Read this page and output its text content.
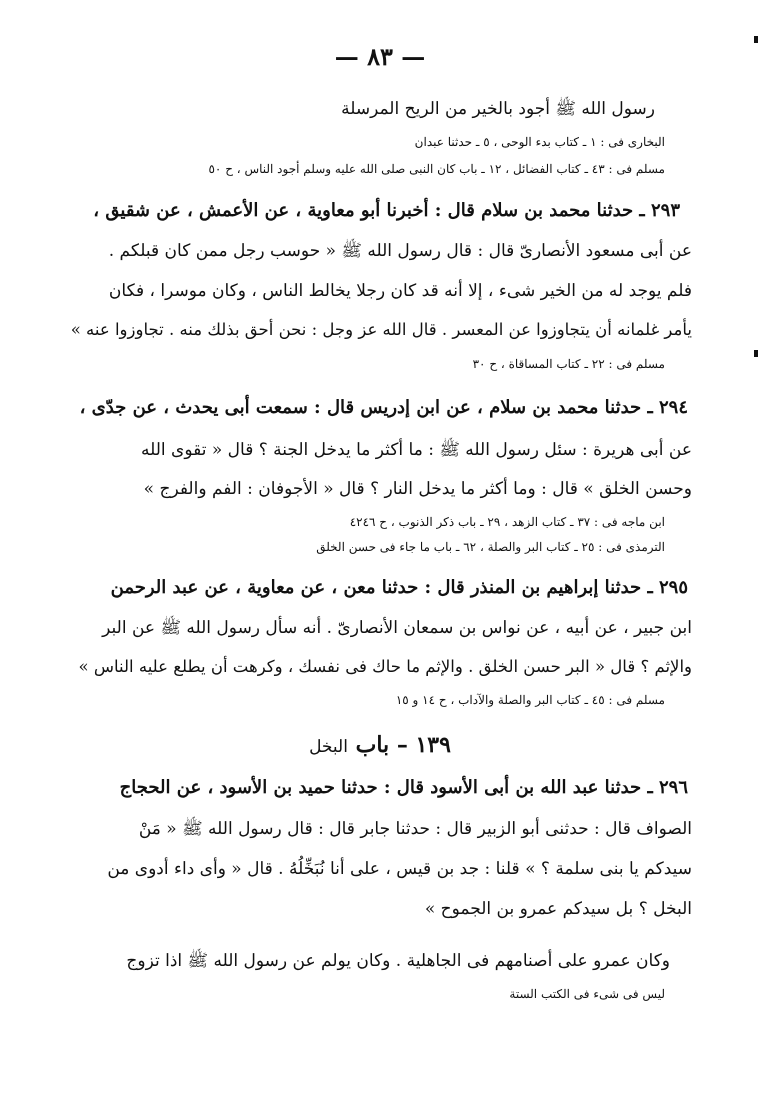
— ٨٣ —
رسول الله ﷺ أجود بالخير من الريح المرسلة
البخارى فى : ١ ـ كتاب بدء الوحى ، ٥ ـ حدثنا عبدان
مسلم فى : ٤٣ ـ كتاب الفضائل ، ١٢ ـ باب كان النبى صلى الله عليه وسلم أجود الناس ، ح ٥٠
٢٩٣ ـ حدثنا محمد بن سلام قال : أخبرنا أبو معاوية ، عن الأعمش ، عن شقيق ،
عن أبى مسعود الأنصارىّ قال : قال رسول الله ﷺ « حوسب رجل ممن كان قبلكم .
فلم يوجد له من الخير شىء ، إلا أنه قد كان رجلا يخالط الناس ، وكان موسرا ، فكان
يأمر غلمانه أن يتجاوزوا عن المعسر . قال الله عز وجل : نحن أحق بذلك منه . تجاوزوا عنه »
مسلم فى : ٢٢ ـ كتاب المساقاة ، ح ٣٠
٢٩٤ ـ حدثنا محمد بن سلام ، عن ابن إدريس قال : سمعت أبى يحدث ، عن جدّى ،
عن أبى هريرة : سئل رسول الله ﷺ : ما أكثر ما يدخل الجنة ؟ قال « تقوى الله
وحسن الخلق » قال : وما أكثر ما يدخل النار ؟ قال « الأجوفان : الفم والفرج »
ابن ماجه فى : ٣٧ ـ كتاب الزهد ، ٢٩ ـ باب ذكر الذنوب ، ح ٤٢٤٦
الترمذى فى : ٢٥ ـ كتاب البر والصلة ، ٦٢ ـ باب ما جاء فى حسن الخلق
٢٩٥ ـ حدثنا إبراهيم بن المنذر قال : حدثنا معن ، عن معاوية ، عن عبد الرحمن
ابن جبير ، عن أبيه ، عن نواس بن سمعان الأنصارىّ . أنه سأل رسول الله ﷺ عن البر
والإثم ؟ قال « البر حسن الخلق . والإثم ما حاك فى نفسك ، وكرهت أن يطلع عليه الناس »
مسلم فى : ٤٥ ـ كتاب البر والصلة والآداب ، ح ١٤ و ١٥
١٣٩ – باب البخل
٢٩٦ ـ حدثنا عبد الله بن أبى الأسود قال : حدثنا حميد بن الأسود ، عن الحجاج
الصواف قال : حدثنى أبو الزبير قال : حدثنا جابر قال : قال رسول الله ﷺ « مَنْ
سيدكم يا بنى سلمة ؟ » قلنا : جد بن قيس ، على أنا نُبَخِّلُهُ . قال « وأى داء أدوى من
البخل ؟ بل سيدكم عمرو بن الجموح »
وكان عمرو على أصنامهم فى الجاهلية . وكان يولم عن رسول الله ﷺ اذا تزوج
ليس فى شىء فى الكتب الستة
